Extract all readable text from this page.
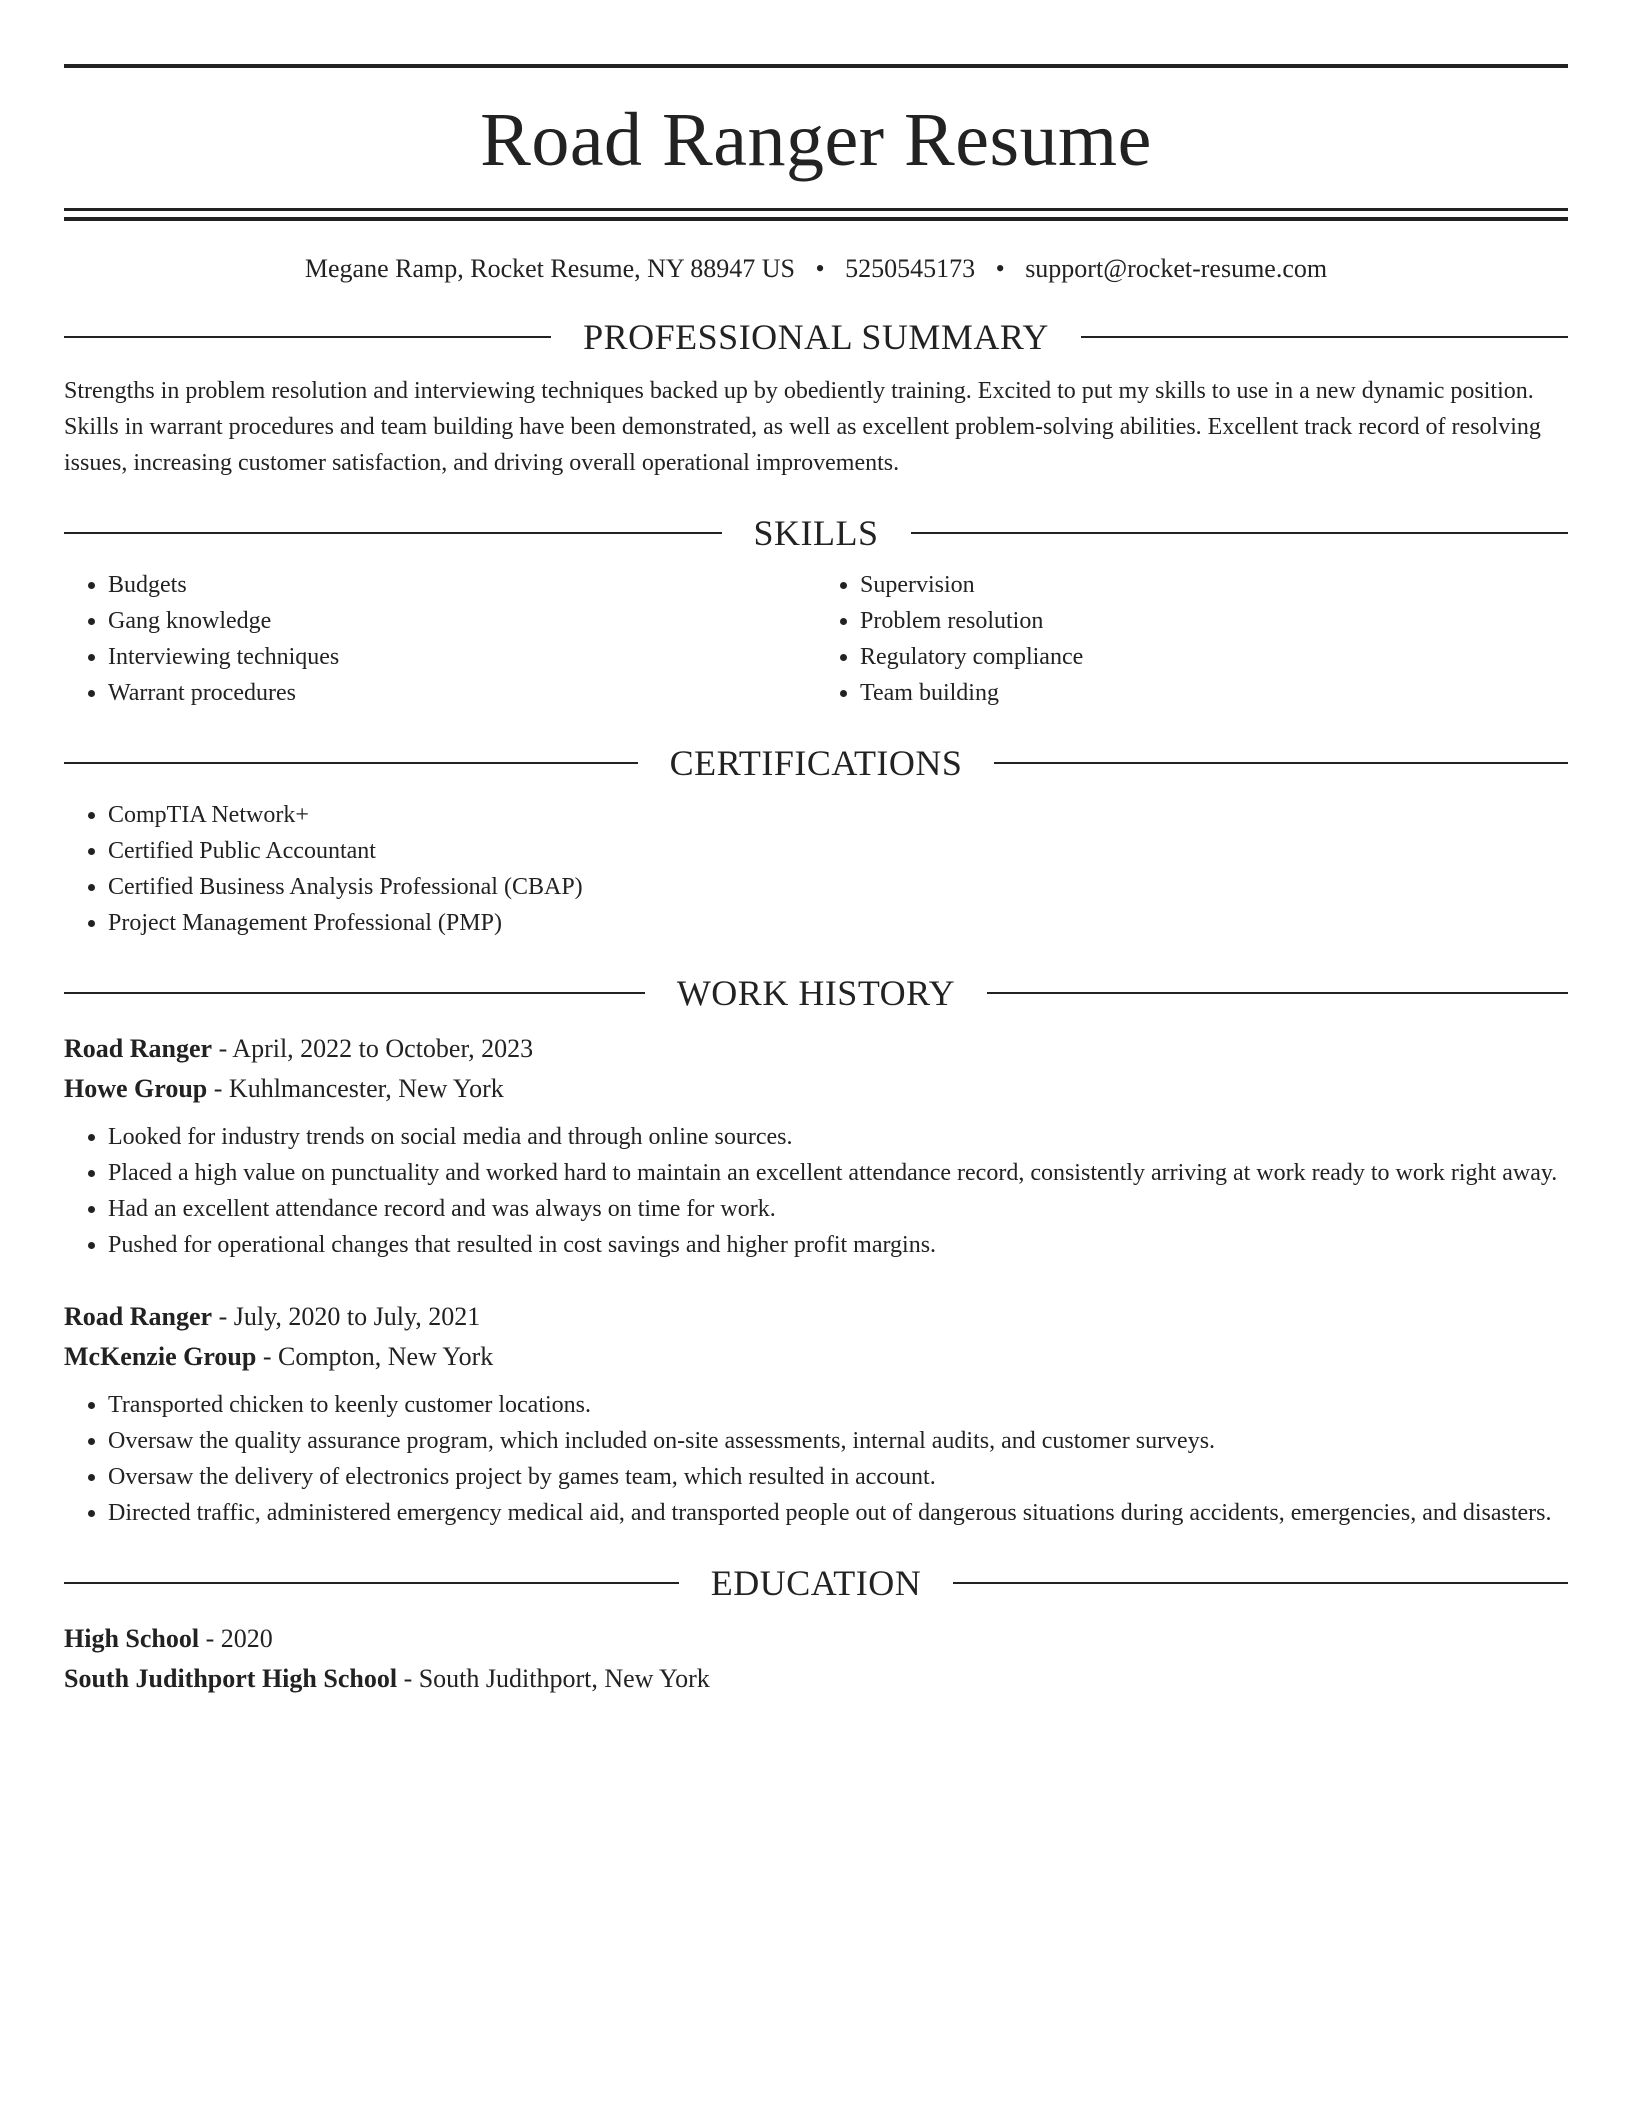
Road Ranger Resume
Megane Ramp, Rocket Resume, NY 88947 US • 5250545173 • support@rocket-resume.com
PROFESSIONAL SUMMARY

Strengths in problem resolution and interviewing techniques backed up by obediently training. Excited to put my skills to use in a new dynamic position. Skills in warrant procedures and team building have been demonstrated, as well as excellent problem-solving abilities. Excellent track record of resolving issues, increasing customer satisfaction, and driving overall operational improvements.

SKILLS
• Budgets
• Gang knowledge
• Interviewing techniques
• Warrant procedures
• Supervision
• Problem resolution
• Regulatory compliance
• Team building
CERTIFICATIONS
• CompTIA Network+
• Certified Public Accountant
• Certified Business Analysis Professional (CBAP)
• Project Management Professional (PMP)
WORK HISTORY
Road Ranger - April, 2022 to October, 2023
Howe Group - Kuhlmancester, New York
• Looked for industry trends on social media and through online sources.
• Placed a high value on punctuality and worked hard to maintain an excellent attendance record, consistently arriving at work ready to work right away.
• Had an excellent attendance record and was always on time for work.
• Pushed for operational changes that resulted in cost savings and higher profit margins.
Road Ranger - July, 2020 to July, 2021
McKenzie Group - Compton, New York
• Transported chicken to keenly customer locations.
• Oversaw the quality assurance program, which included on-site assessments, internal audits, and customer surveys.
• Oversaw the delivery of electronics project by games team, which resulted in account.
• Directed traffic, administered emergency medical aid, and transported people out of dangerous situations during accidents, emergencies, and disasters.
EDUCATION
High School - 2020
South Judithport High School - South Judithport, New York
